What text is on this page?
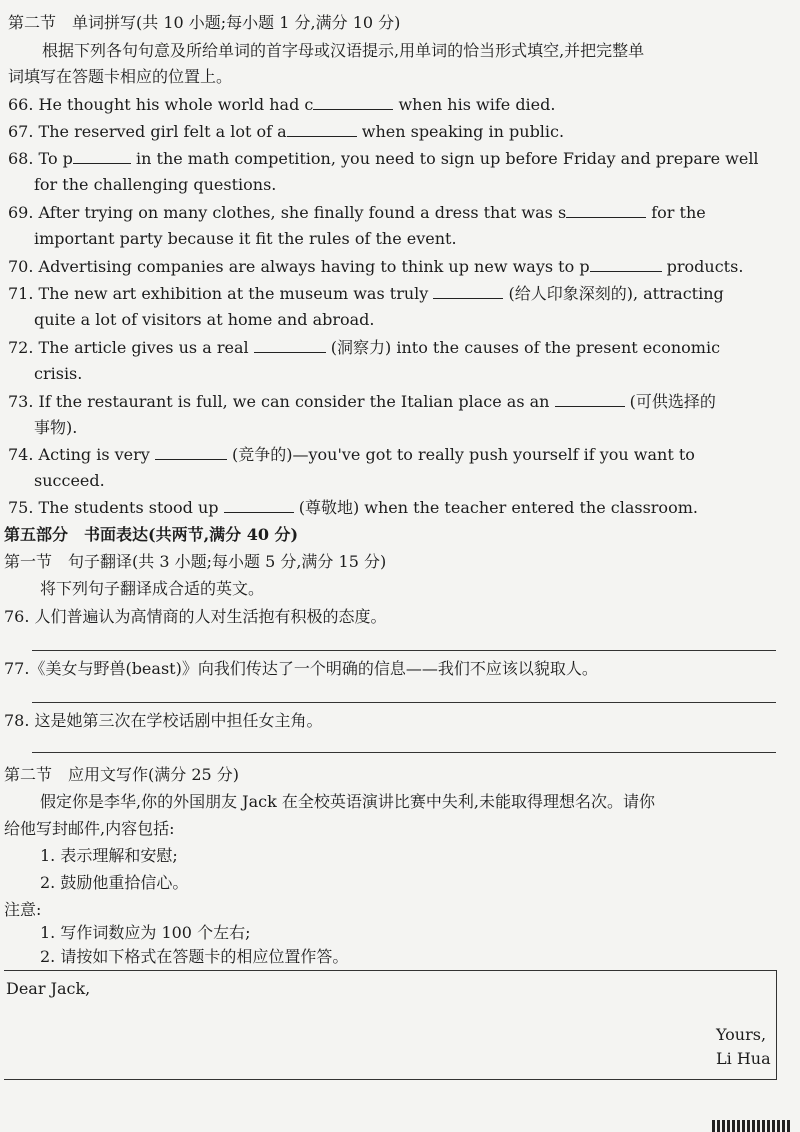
第二节　单词拼写(共 10 小题;每小题 1 分,满分 10 分)
根据下列各句句意及所给单词的首字母或汉语提示,用单词的恰当形式填空,并把完整单
词填写在答题卡相应的位置上。
66. He thought his whole world had c	when his wife died.
67. The reserved girl felt a lot of a	when speaking in public.
68. To p	in the math competition, you need to sign up before Friday and prepare well
for the challenging questions.
69. After trying on many clothes, she finally found a dress that was s	for the
important party because it fit the rules of the event.
70. Advertising companies are always having to think up new ways to p	products.
71. The new art exhibition at the museum was truly	(给人印象深刻的), attracting
quite a lot of visitors at home and abroad.
72. The article gives us a real	(洞察力) into the causes of the present economic
crisis.
73. If the restaurant is full, we can consider the Italian place as an	(可供选择的
事物).
74. Acting is very	(竞争的)—you've got to really push yourself if you want to
succeed.
75. The students stood up	(尊敬地) when the teacher entered the classroom.
第五部分　书面表达(共两节,满分 40 分)
第一节　句子翻译(共 3 小题;每小题 5 分,满分 15 分)
将下列句子翻译成合适的英文。
76. 人们普遍认为高情商的人对生活抱有积极的态度。
77.《美女与野兽(beast)》向我们传达了一个明确的信息——我们不应该以貌取人。
78. 这是她第三次在学校话剧中担任女主角。
第二节　应用文写作(满分 25 分)
假定你是李华,你的外国朋友 Jack 在全校英语演讲比赛中失利,未能取得理想名次。请你
给他写封邮件,内容包括:
1. 表示理解和安慰;
2. 鼓励他重拾信心。
注意:
1. 写作词数应为 100 个左右;
2. 请按如下格式在答题卡的相应位置作答。
Dear Jack,
Yours,
Li Hua
